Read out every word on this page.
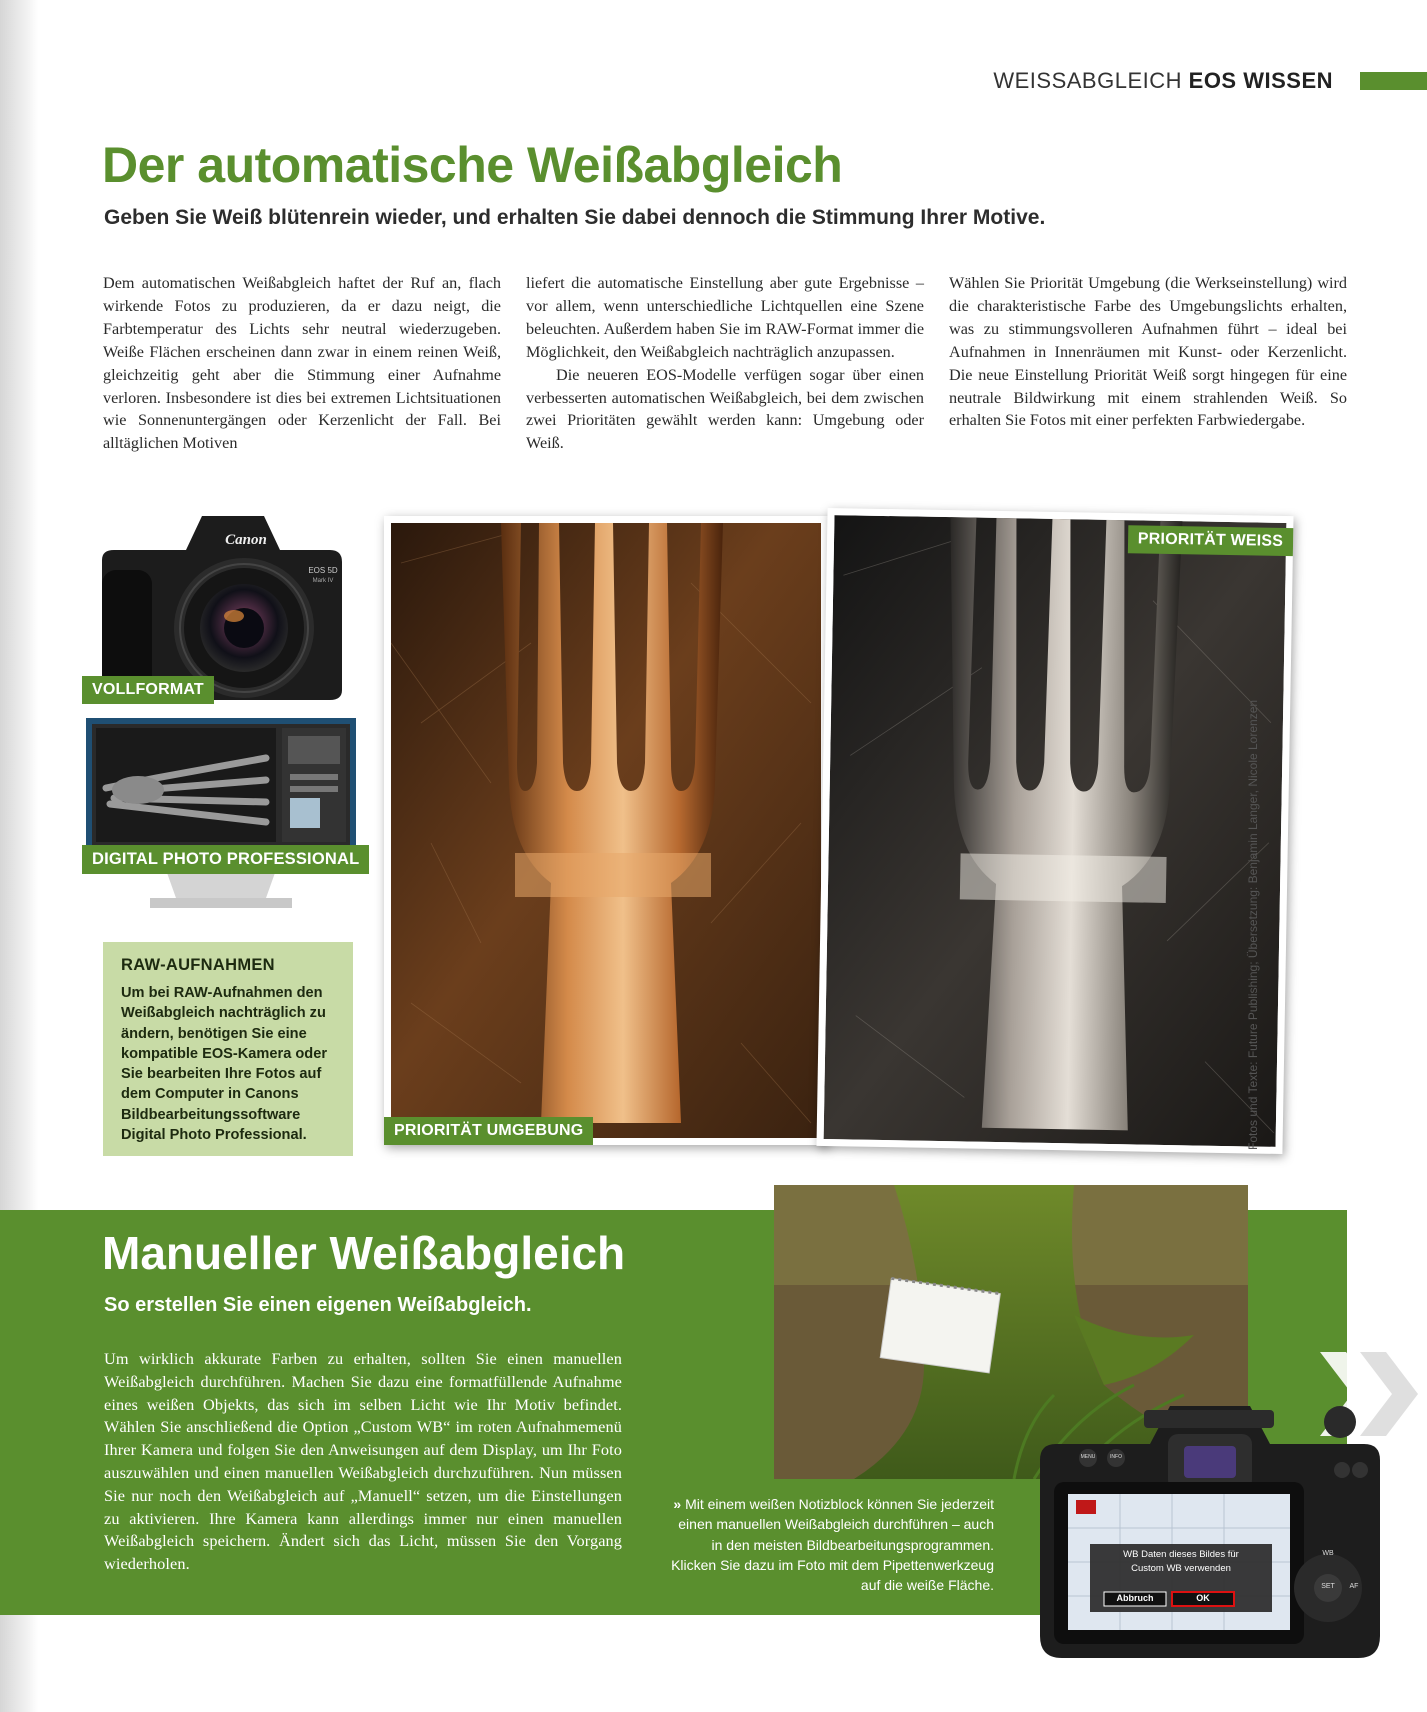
WEISSABGLEICH EOS WISSEN
Der automatische Weißabgleich
Geben Sie Weiß blütenrein wieder, und erhalten Sie dabei dennoch die Stimmung Ihrer Motive.

Dem automatischen Weißabgleich haftet der Ruf an, flach wirkende Fotos zu produzieren, da er dazu neigt, die Farbtemperatur des Lichts sehr neutral wiederzugeben. Weiße Flächen erscheinen dann zwar in einem reinen Weiß, gleichzeitig geht aber die Stimmung einer Aufnahme verloren. Insbesondere ist dies bei extremen Lichtsituationen wie Sonnenuntergängen oder Kerzenlicht der Fall. Bei alltäglichen Motiven

liefert die automatische Einstellung aber gute Ergebnisse – vor allem, wenn unterschiedliche Lichtquellen eine Szene beleuchten. Außerdem haben Sie im RAW-Format immer die Möglichkeit, den Weißabgleich nachträglich anzupassen.

Die neueren EOS-Modelle verfügen sogar über einen verbesserten automatischen Weißabgleich, bei dem zwischen zwei Prioritäten gewählt werden kann: Umgebung oder Weiß.

Wählen Sie Priorität Umgebung (die Werkseinstellung) wird die charakteristische Farbe des Umgebungslichts erhalten, was zu stimmungsvolleren Aufnahmen führt – ideal bei Aufnahmen in Innenräumen mit Kunst- oder Kerzenlicht. Die neue Einstellung Priorität Weiß sorgt hingegen für eine neutrale Bildwirkung mit einem strahlenden Weiß. So erhalten Sie Fotos mit einer perfekten Farbwiedergabe.

Canon
EOS 5D
Mark IV
VOLLFORMAT
DIGITAL PHOTO PROFESSIONAL
RAW-AUFNAHMEN

Um bei RAW-Aufnahmen den Weißabgleich nachträglich zu ändern, benötigen Sie eine kompatible EOS-Kamera oder Sie bearbeiten Ihre Fotos auf dem Computer in Canons Bildbearbeitungssoftware Digital Photo Professional.	PRIORITÄT UMGEBUNG
PRIORITÄT WEISS
Fotos und Texte: Future Publishing; Übersetzung: Benjamin Langer, Nicole Lorenzen
Manueller Weißabgleich
So erstellen Sie einen eigenen Weißabgleich.
Um wirklich akkurate Farben zu erhalten, sollten Sie einen manuellen Weißabgleich durchführen. Machen Sie dazu eine formatfüllende Aufnahme eines weißen Objekts, das sich im selben Licht wie Ihr Motiv befindet. Wählen Sie anschließend die Option „Custom WB“ im roten Aufnahmemenü Ihrer Kamera und folgen Sie den Anweisungen auf dem Display, um Ihr Foto auszuwählen und einen manuellen Weißabgleich durchzuführen. Nun müssen Sie nur noch den Weißabgleich auf „Manuell“ setzen, um die Einstellungen zu aktivieren. Ihre Kamera kann allerdings immer nur einen manuellen Weißabgleich speichern. Ändert sich das Licht, müssen Sie den Vorgang wiederholen.
» Mit einem weißen Notizblock können Sie jederzeit einen manuellen Weißabgleich durchführen – auch in den meisten Bildbearbeitungsprogrammen. Klicken Sie dazu im Foto mit dem Pipettenwerkzeug auf die weiße Fläche.
WB Daten dieses Bildes für
Custom WB verwenden
Abbruch	OK
MENU	INFO
WB
SET	AF
